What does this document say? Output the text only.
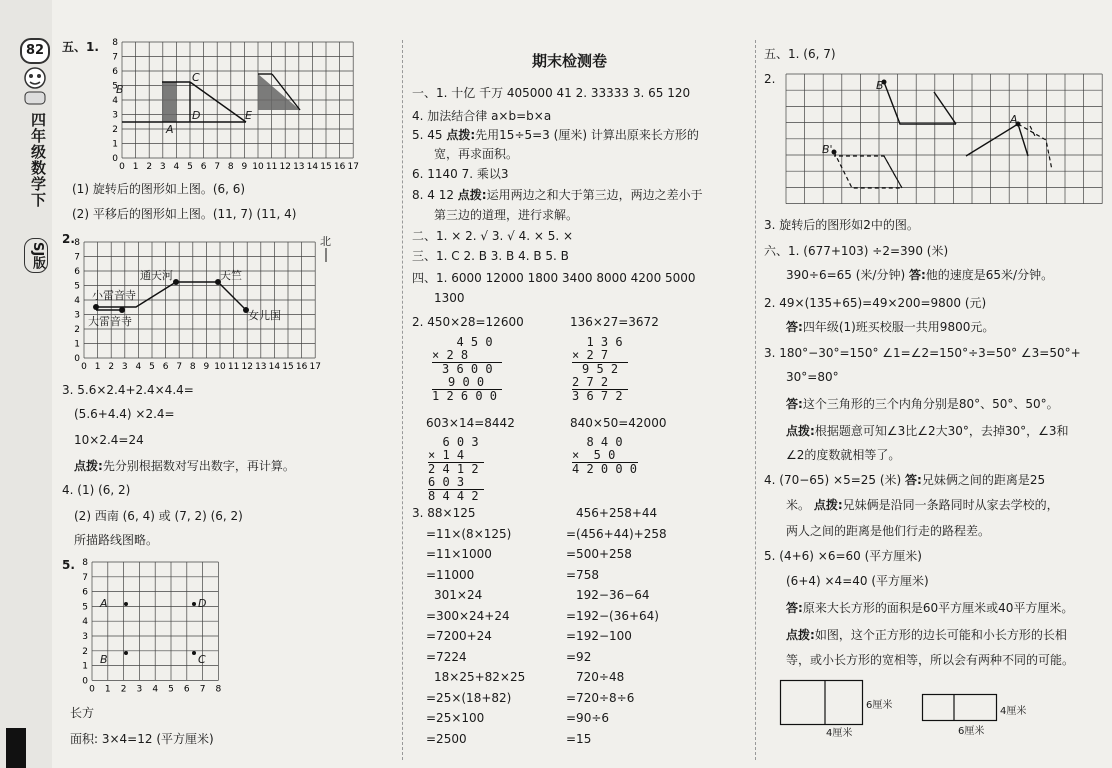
82
四年级数学下
SJ版
五、1.
0 1 2 3 4 5 6 7 8 9 10 11 12 13 14 15 16 17
0
1
2
3
4
5
6
7
8
B
C
A
D	E
(1) 旋转后的图形如上图。(6, 6)
(2) 平移后的图形如上图。(11, 7) (11, 4)
2.	北
0 1 2 3 4 5 6 7 8 9 10 11 12 13 14 15 16 17
0
1
2
3
4
5
6
7
8
通天河	天竺
小雷音寺
大雷音寺	女儿国
3. 5.6×2.4+2.4×4.4=
(5.6+4.4) ×2.4=
10×2.4=24
点拨:先分别根据数对写出数字，再计算。
4. (1) (6, 2)
(2) 西南 (6, 4) 或 (7, 2) (6, 2)
所描路线图略。
5.
0 1 2 3 4 5 6 7 8
0
1
2
3
4
5
6
7
8
A
B
D
C
长方
面积: 3×4=12 (平方厘米)
期末检测卷
一、1. 十亿 千万 405000 41 2. 33333 3. 65 120
4. 加法结合律 a×b=b×a
5. 45 点拨:先用15÷5=3 (厘米) 计算出原来长方形的
宽，再求面积。
6. 1140 7. 乘以3
8. 4 12 点拨:运用两边之和大于第三边，两边之差小于
第三边的道理，进行求解。
二、1. × 2. √ 3. √ 4. × 5. ×
三、1. C 2. B 3. B 4. B 5. B
四、1. 6000 12000 1800 3400 8000 4200 5000
1300
2. 450×28=12600	136×27=3672
4 5 0
× 2 8
3 6 0 0
9 0 0
1 2 6 0 0
1 3 6
× 2 7
9 5 2
2 7 2
3 6 7 2
603×14=8442	840×50=42000
6 0 3
× 1 4
2 4 1 2
6 0 3
8 4 4 2
8 4 0
×  5 0
4 2 0 0 0
3. 88×125
=11×(8×125)
=11×1000
=11000
301×24
=300×24+24
=7200+24
=7224
18×25+82×25
=25×(18+82)
=25×100
=2500
456+258+44
=(456+44)+258
=500+258
=758
192−36−64
=192−(36+64)
=192−100
=92
720÷48
=720÷8÷6
=90÷6
=15
五、1. (6, 7)
2.	B
A
B'
3. 旋转后的图形如2中的图。
六、1. (677+103) ÷2=390 (米)
390÷6=65 (米/分钟) 答:他的速度是65米/分钟。
2. 49×(135+65)=49×200=9800 (元)
答:四年级(1)班买校服一共用9800元。
3. 180°−30°=150° ∠1=∠2=150°÷3=50° ∠3=50°+
30°=80°
答:这个三角形的三个内角分别是80°、50°、50°。
点拨:根据题意可知∠3比∠2大30°，去掉30°，∠3和
∠2的度数就相等了。
4. (70−65) ×5=25 (米) 答:兄妹俩之间的距离是25
米。 点拨:兄妹俩是沿同一条路同时从家去学校的，
两人之间的距离是他们行走的路程差。
5. (4+6) ×6=60 (平方厘米)
(6+4) ×4=40 (平方厘米)
答:原来大长方形的面积是60平方厘米或40平方厘米。
点拨:如图，这个正方形的边长可能和小长方形的长相
等，或小长方形的宽相等，所以会有两种不同的可能。
6厘米
4厘米
4厘米
6厘米
